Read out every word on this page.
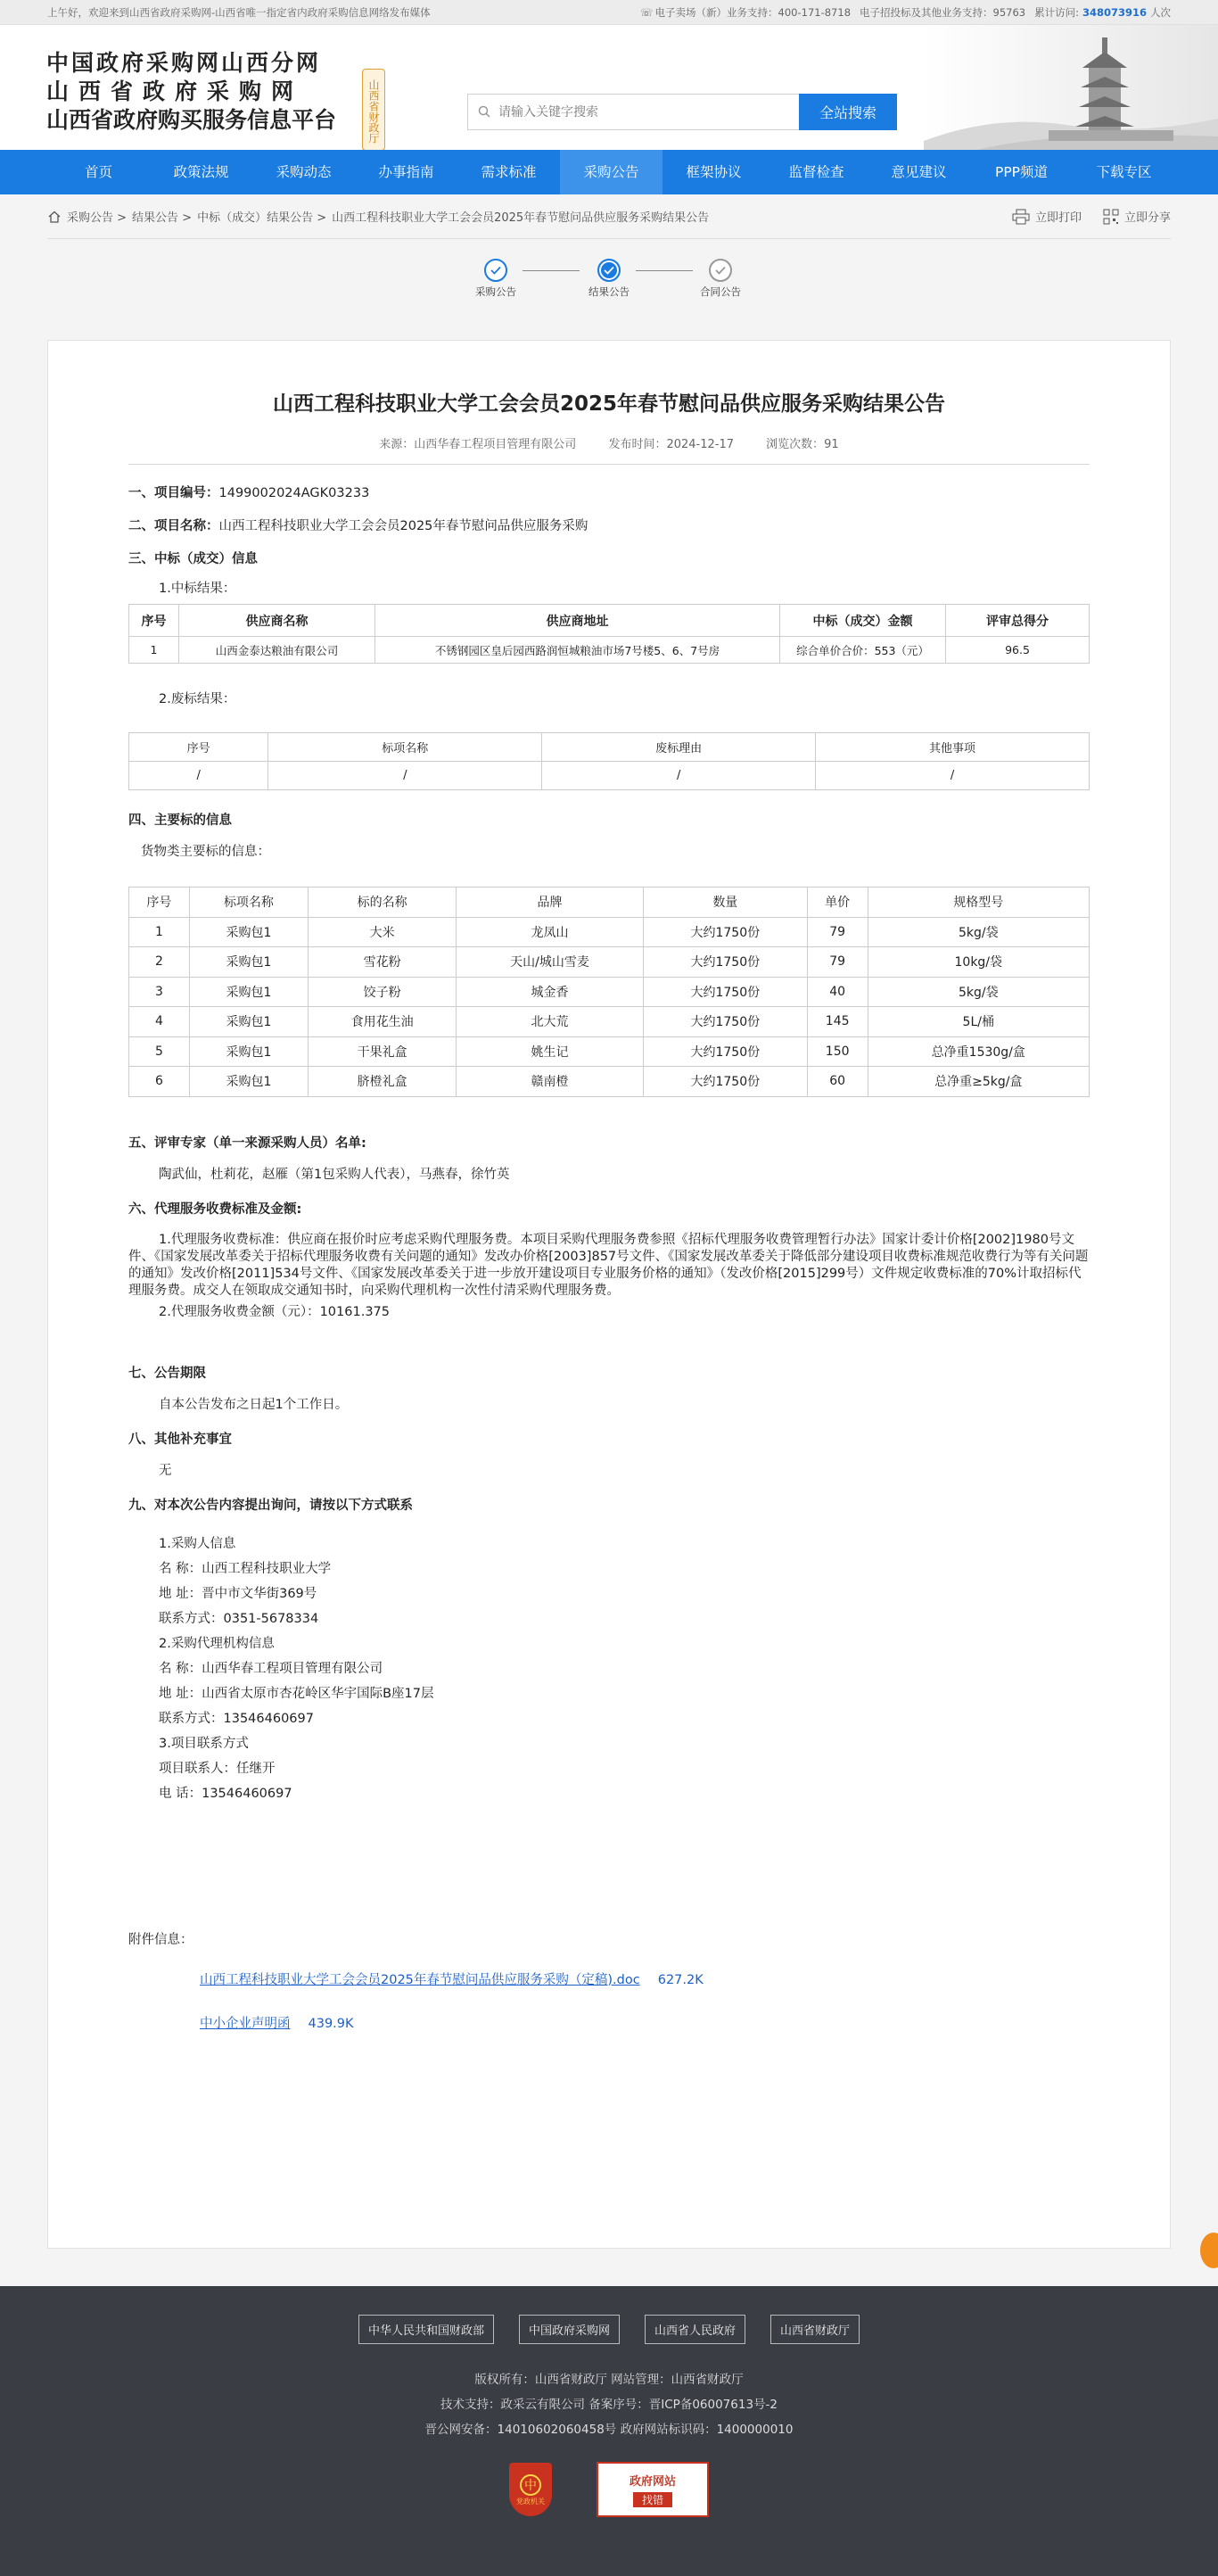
上午好，欢迎来到山西省政府采购网-山西省唯一指定省内政府采购信息网络发布媒体	☏ 电子卖场（新）业务支持：400-171-8718 电子招投标及其他业务支持：95763 累计访问: 348073916 人次
中国政府采购网山西分网
山西省政府采购网
山西省政府购买服务信息平台	山西省财政厅
请输入关键字搜索	全站搜索
首页	政策法规	采购动态	办事指南	需求标准	采购公告	框架协议	监督检查	意见建议	PPP频道	下载专区
采购公告 > 结果公告 > 中标（成交）结果公告 > 山西工程科技职业大学工会会员2025年春节慰问品供应服务采购结果公告	立即打印	立即分享
采购公告	结果公告	合同公告
山西工程科技职业大学工会会员2025年春节慰问品供应服务采购结果公告
来源：山西华春工程项目管理有限公司	发布时间：2024-12-17	浏览次数：91
一、项目编号：1499002024AGK03233
二、项目名称：山西工程科技职业大学工会会员2025年春节慰问品供应服务采购
三、中标（成交）信息
1.中标结果：
序号	供应商名称	供应商地址	中标（成交）金额	评审总得分
1	山西金泰达粮油有限公司	不锈钢园区皇后园西路润恒城粮油市场7号楼5、6、7号房	综合单价合价：553（元）	96.5
2.废标结果：
序号	标项名称	废标理由	其他事项
/	/	/	/
四、主要标的信息
货物类主要标的信息：
序号	标项名称	标的名称	品牌	数量	单价	规格型号
1	采购包1	大米	龙凤山	大约1750份	79	5kg/袋
2	采购包1	雪花粉	天山/城山雪麦	大约1750份	79	10kg/袋
3	采购包1	饺子粉	城金香	大约1750份	40	5kg/袋
4	采购包1	食用花生油	北大荒	大约1750份	145	5L/桶
5	采购包1	干果礼盒	姚生记	大约1750份	150	总净重1530g/盒
6	采购包1	脐橙礼盒	赣南橙	大约1750份	60	总净重≥5kg/盒
五、评审专家（单一来源采购人员）名单:
陶武仙，杜莉花，赵雁（第1包采购人代表），马燕春，徐竹英
六、代理服务收费标准及金额:
1.代理服务收费标准：供应商在报价时应考虑采购代理服务费。本项目采购代理服务费参照《招标代理服务收费管理暂行办法》国家计委计价格[2002]1980号文件、《国家发展改革委关于招标代理服务收费有关问题的通知》发改办价格[2003]857号文件、《国家发展改革委关于降低部分建设项目收费标准规范收费行为等有关问题的通知》发改价格[2011]534号文件、《国家发展改革委关于进一步放开建设项目专业服务价格的通知》（发改价格[2015]299号）文件规定收费标准的70%计取招标代理服务费。成交人在领取成交通知书时，向采购代理机构一次性付清采购代理服务费。
2.代理服务收费金额（元）：10161.375
七、公告期限
自本公告发布之日起1个工作日。
八、其他补充事宜
无
九、对本次公告内容提出询问，请按以下方式联系
1.采购人信息
名 称：山西工程科技职业大学
地 址：晋中市文华街369号
联系方式：0351-5678334
2.采购代理机构信息
名 称：山西华春工程项目管理有限公司
地 址：山西省太原市杏花岭区华宇国际B座17层
联系方式：13546460697
3.项目联系方式
项目联系人：任继开
电 话：13546460697
附件信息：
山西工程科技职业大学工会会员2025年春节慰问品供应服务采购（定稿).doc 627.2K
中小企业声明函 439.9K
中华人民共和国财政部	中国政府采购网	山西省人民政府	山西省财政厅
版权所有：山西省财政厅 网站管理：山西省财政厅
技术支持：政采云有限公司 备案序号：晋ICP备06007613号-2
晋公网安备：14010602060458号 政府网站标识码：1400000010
中
党政机关
政府网站
找错
